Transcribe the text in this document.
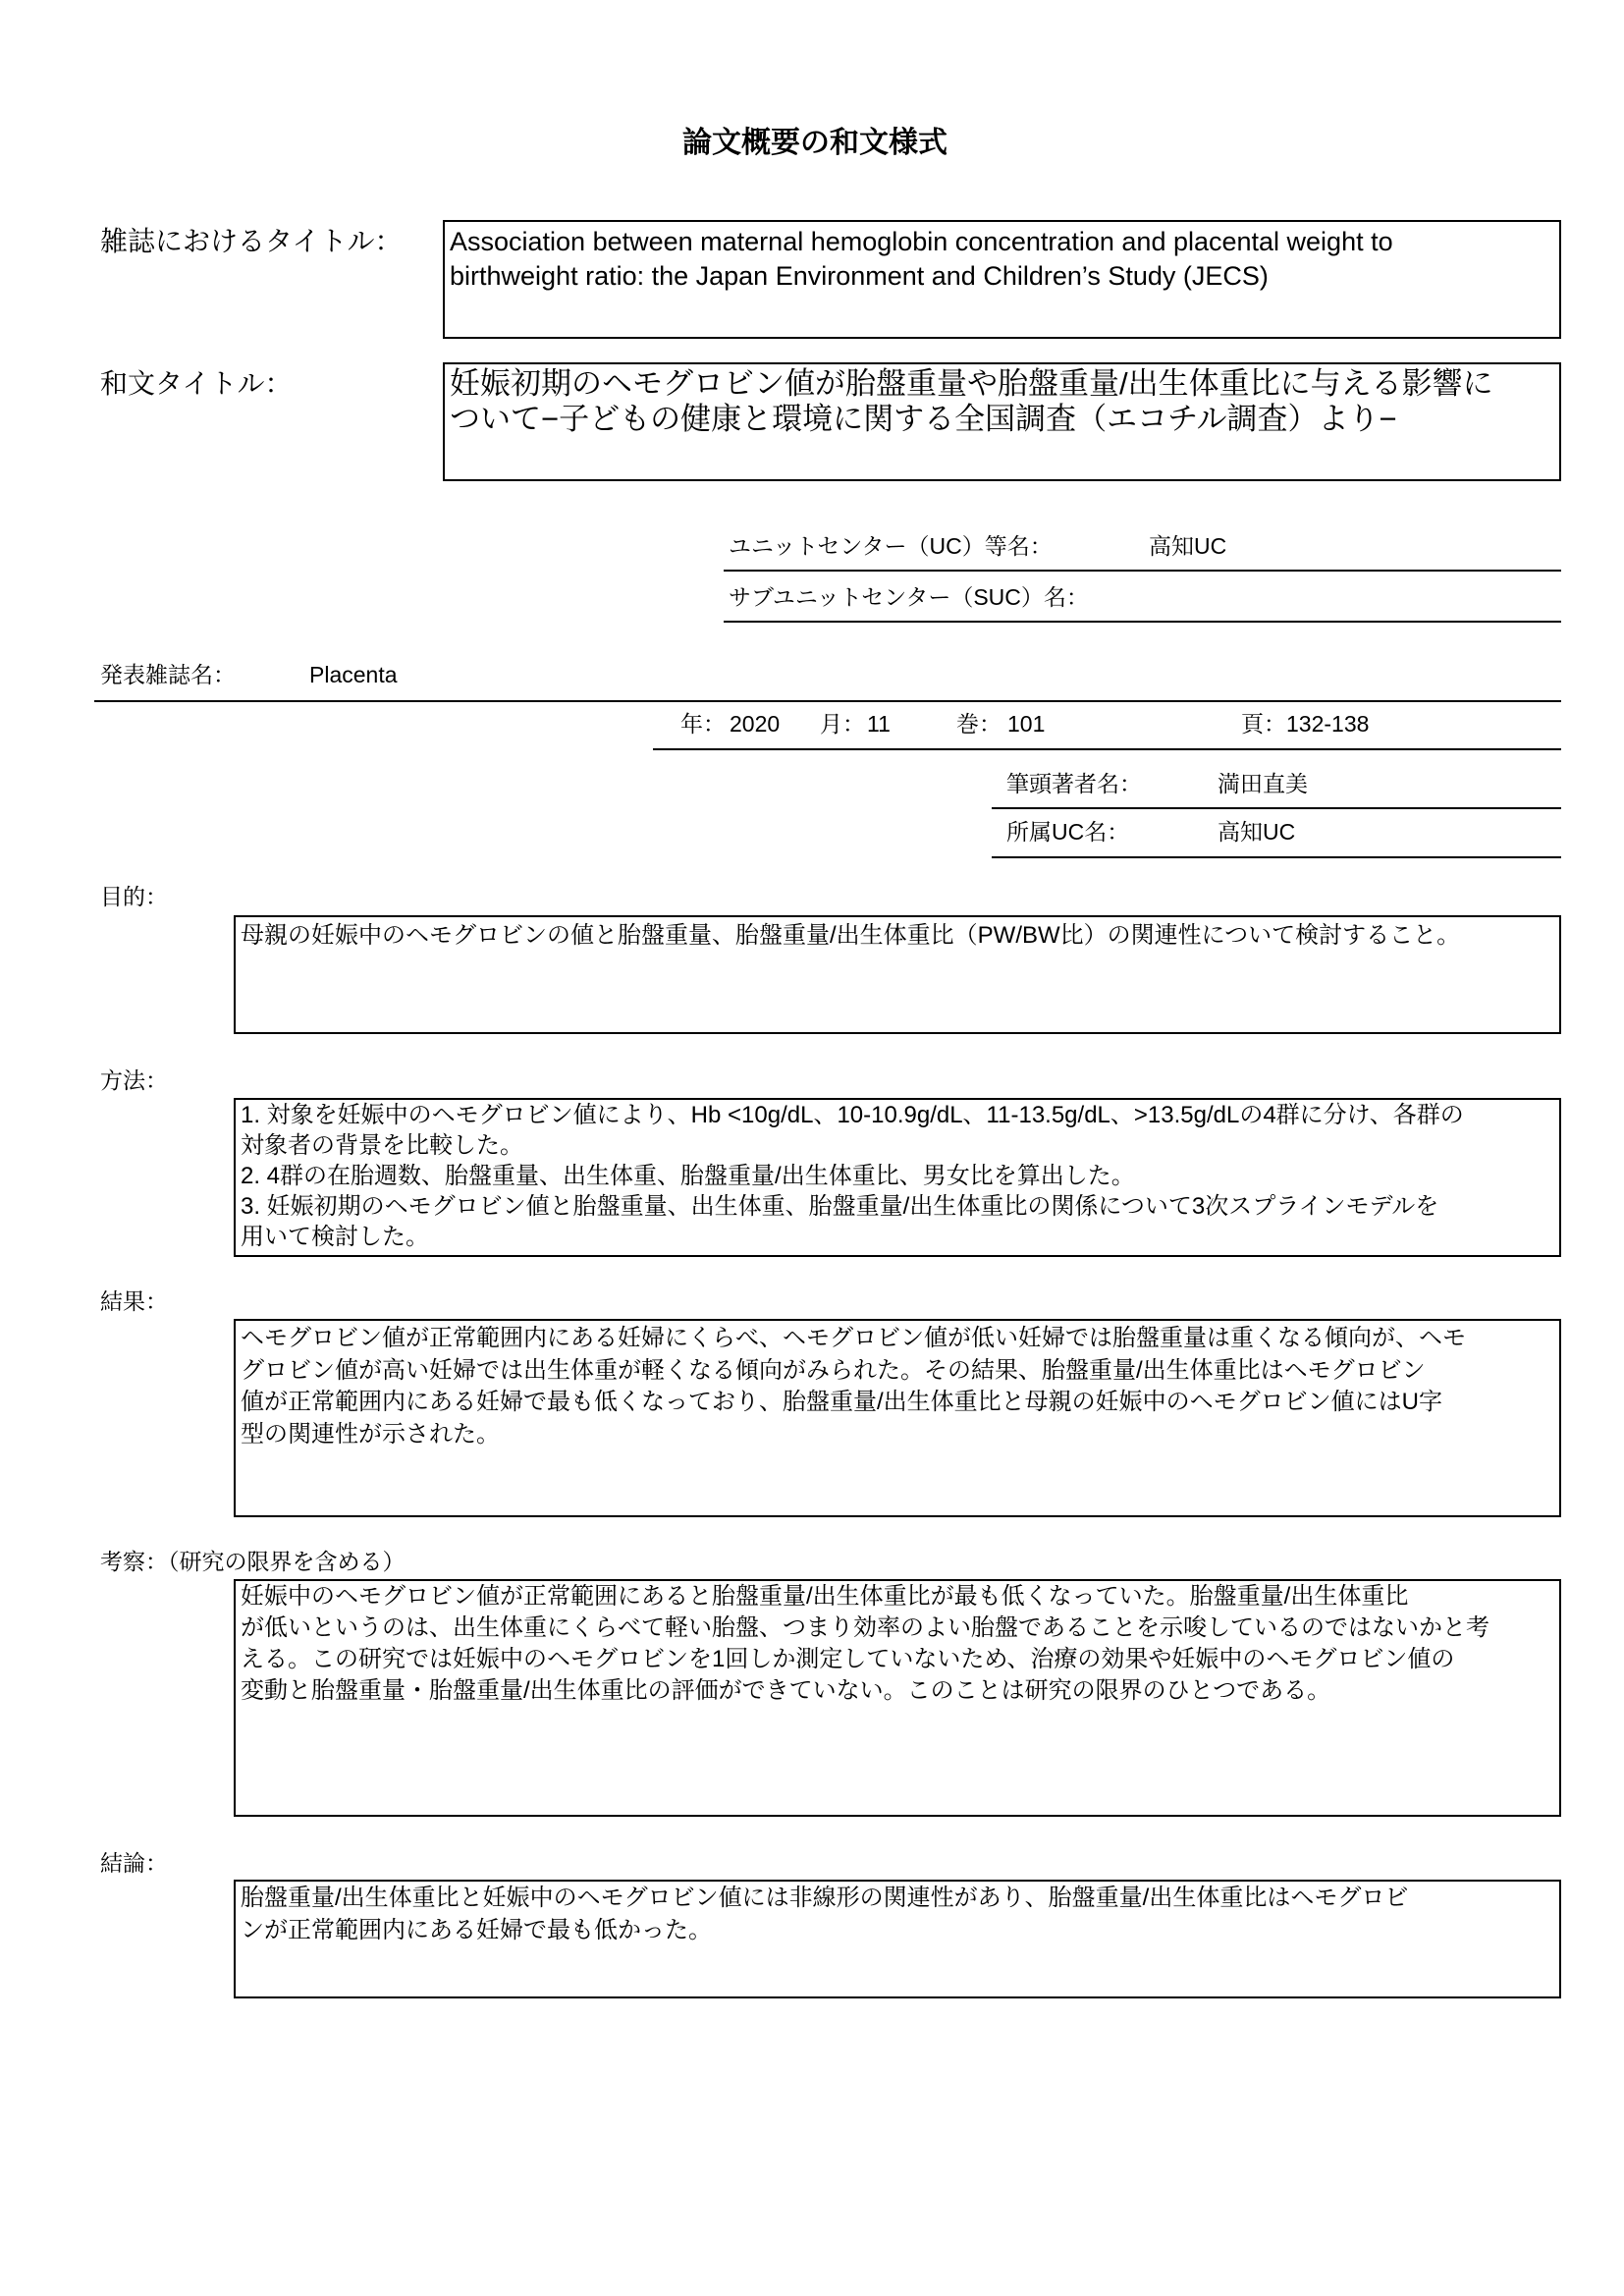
論文概要の和文様式
雑誌におけるタイトル： Association between maternal hemoglobin concentration and placental weight to
birthweight ratio: the Japan Environment and Children’s Study (JECS)
和文タイトル：	妊娠初期のヘモグロビン値が胎盤重量や胎盤重量/出生体重比に与える影響に
ついて−子どもの健康と環境に関する全国調査（エコチル調査）より−
ユニットセンター（UC）等名：	高知UC
サブユニットセンター（SUC）名：
発表雑誌名：	Placenta
年： 2020 月： 11	巻： 101	頁： 132-138
筆頭著者名：	満田直美
所属UC名：	高知UC
目的：
母親の妊娠中のヘモグロビンの値と胎盤重量、胎盤重量/出生体重比（PW/BW比）の関連性について検討すること。
方法：
1. 対象を妊娠中のヘモグロビン値により、Hb <10g/dL、10-10.9g/dL、11-13.5g/dL、>13.5g/dLの4群に分け、各群の
対象者の背景を比較した。
2. 4群の在胎週数、胎盤重量、出生体重、胎盤重量/出生体重比、男女比を算出した。
3. 妊娠初期のヘモグロビン値と胎盤重量、出生体重、胎盤重量/出生体重比の関係について3次スプラインモデルを
用いて検討した。
結果：
ヘモグロビン値が正常範囲内にある妊婦にくらべ、ヘモグロビン値が低い妊婦では胎盤重量は重くなる傾向が、ヘモ
グロビン値が高い妊婦では出生体重が軽くなる傾向がみられた。その結果、胎盤重量/出生体重比はヘモグロビン
値が正常範囲内にある妊婦で最も低くなっており、胎盤重量/出生体重比と母親の妊娠中のヘモグロビン値にはU字
型の関連性が示された。
考察：（研究の限界を含める）
妊娠中のヘモグロビン値が正常範囲にあると胎盤重量/出生体重比が最も低くなっていた。胎盤重量/出生体重比
が低いというのは、出生体重にくらべて軽い胎盤、つまり効率のよい胎盤であることを示唆しているのではないかと考
える。この研究では妊娠中のヘモグロビンを1回しか測定していないため、治療の効果や妊娠中のヘモグロビン値の
変動と胎盤重量・胎盤重量/出生体重比の評価ができていない。このことは研究の限界のひとつである。
結論：
胎盤重量/出生体重比と妊娠中のヘモグロビン値には非線形の関連性があり、胎盤重量/出生体重比はヘモグロビ
ンが正常範囲内にある妊婦で最も低かった。
